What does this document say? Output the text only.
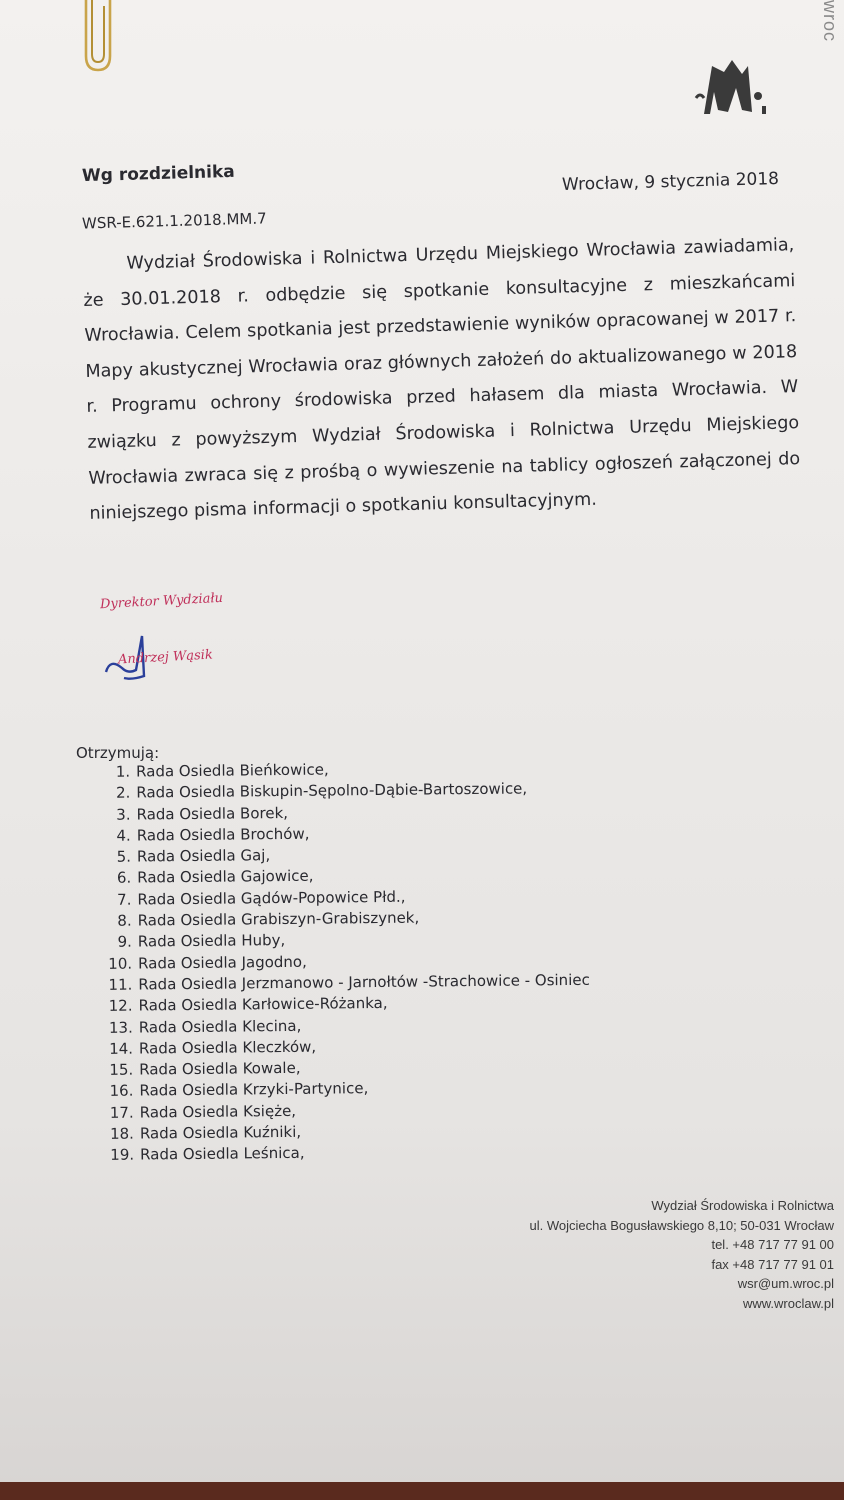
wroc
Wg rozdzielnika
WSR-E.621.1.2018.MM.7
Wrocław, 9 stycznia 2018
Wydział Środowiska i Rolnictwa Urzędu Miejskiego Wrocławia zawiadamia, że 30.01.2018 r. odbędzie się spotkanie konsultacyjne z mieszkańcami Wrocławia. Celem spotkania jest przedstawienie wyników opracowanej w 2017 r. Mapy akustycznej Wrocławia oraz głównych założeń do aktualizowanego w 2018 r. Programu ochrony środowiska przed hałasem dla miasta Wrocławia. W związku z powyższym Wydział Środowiska i Rolnictwa Urzędu Miejskiego Wrocławia zwraca się z prośbą o wywieszenie na tablicy ogłoszeń załączonej do niniejszego pisma informacji o spotkaniu konsultacyjnym.
Dyrektor Wydziału
Andrzej Wąsik
Otrzymują:
1. Rada Osiedla Bieńkowice,
2. Rada Osiedla Biskupin-Sępolno-Dąbie-Bartoszowice,
3. Rada Osiedla Borek,
4. Rada Osiedla Brochów,
5. Rada Osiedla Gaj,
6. Rada Osiedla Gajowice,
7. Rada Osiedla Gądów-Popowice Płd.,
8. Rada Osiedla Grabiszyn-Grabiszynek,
9. Rada Osiedla Huby,
10. Rada Osiedla Jagodno,
11. Rada Osiedla Jerzmanowo - Jarnołtów -Strachowice - Osiniec
12. Rada Osiedla Karłowice-Różanka,
13. Rada Osiedla Klecina,
14. Rada Osiedla Kleczków,
15. Rada Osiedla Kowale,
16. Rada Osiedla Krzyki-Partynice,
17. Rada Osiedla Księże,
18. Rada Osiedla Kuźniki,
19. Rada Osiedla Leśnica,
Wydział Środowiska i Rolnictwa
ul. Wojciecha Bogusławskiego 8,10; 50-031 Wrocław
tel. +48 717 77 91 00
fax +48 717 77 91 01
wsr@um.wroc.pl
www.wroclaw.pl
